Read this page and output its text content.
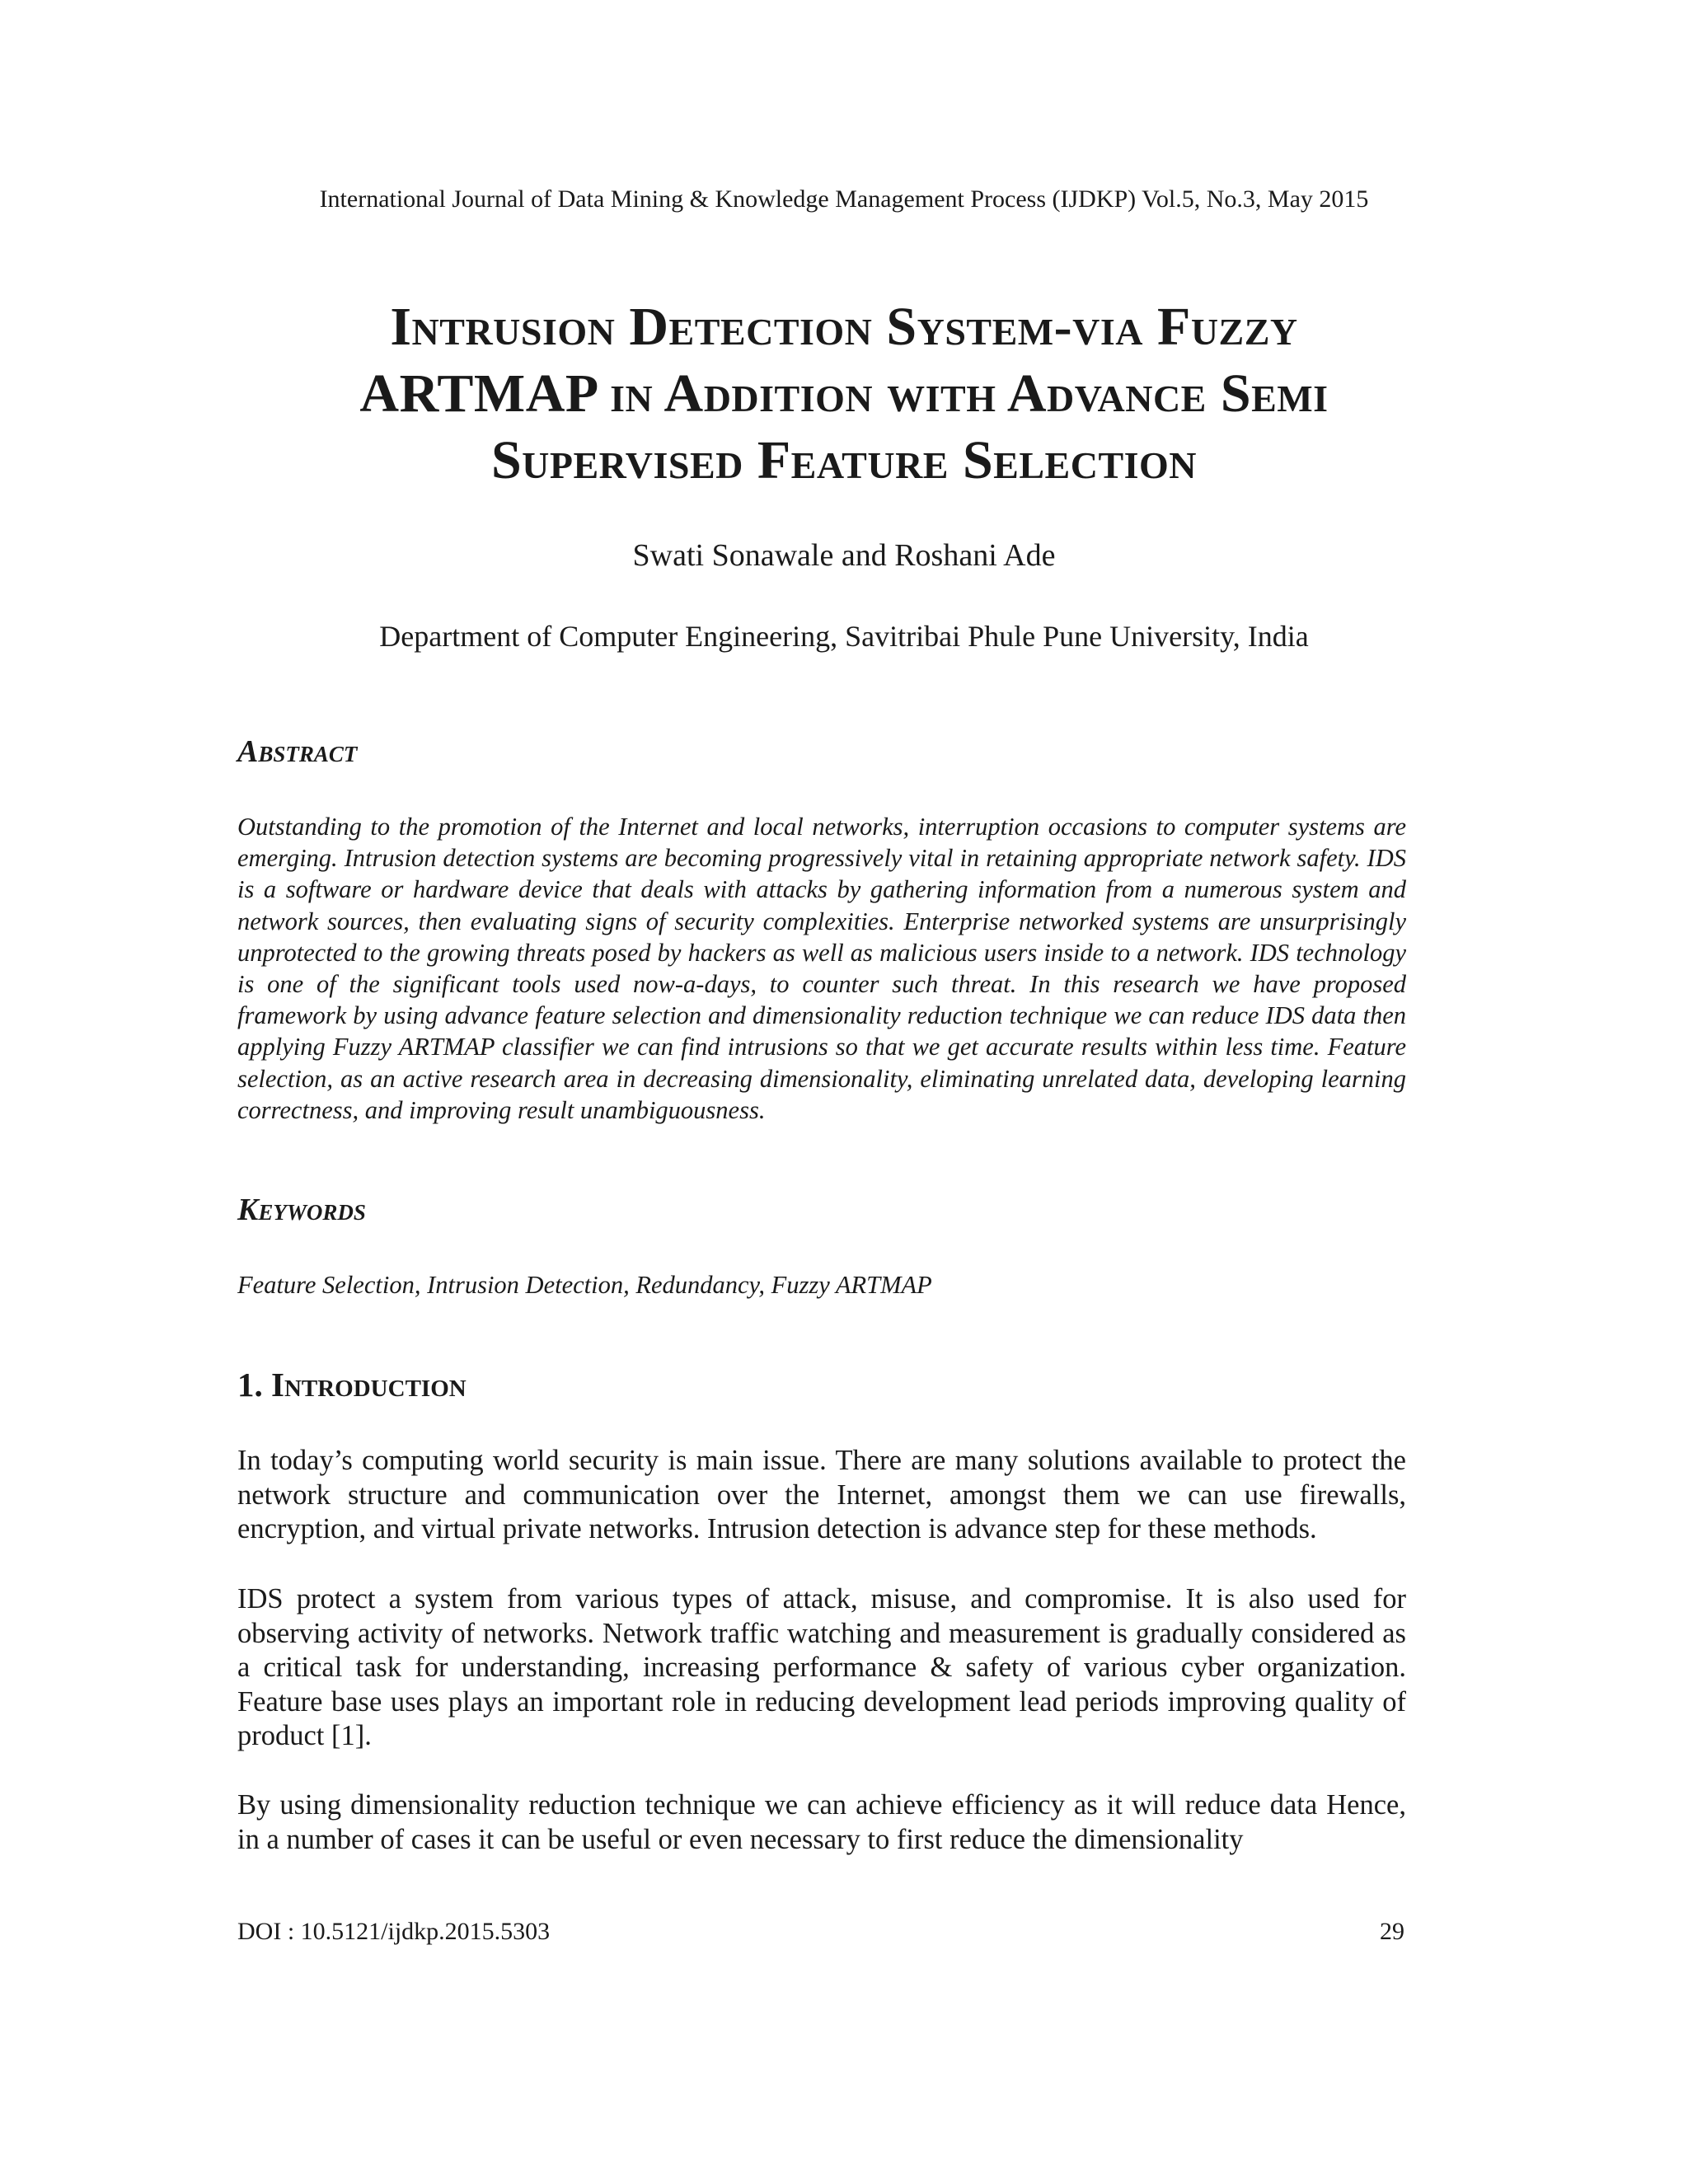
International Journal of Data Mining & Knowledge Management Process (IJDKP) Vol.5, No.3, May 2015
Intrusion Detection System-via Fuzzy
ARTMAP in Addition with Advance Semi
Supervised Feature Selection
Swati Sonawale and Roshani Ade
Department of Computer Engineering, Savitribai Phule Pune University, India
Abstract
Outstanding to the promotion of the Internet and local networks, interruption occasions to computer systems are emerging. Intrusion detection systems are becoming progressively vital in retaining appropriate network safety. IDS is a software or hardware device that deals with attacks by gathering information from a numerous system and network sources, then evaluating signs of security complexities. Enterprise networked systems are unsurprisingly unprotected to the growing threats posed by hackers as well as malicious users inside to a network. IDS technology is one of the significant tools used now-a-days, to counter such threat. In this research we have proposed framework by using advance feature selection and dimensionality reduction technique we can reduce IDS data then applying Fuzzy ARTMAP classifier we can find intrusions so that we get accurate results within less time. Feature selection, as an active research area in decreasing dimensionality, eliminating unrelated data, developing learning correctness, and improving result unambiguousness.
Keywords
Feature Selection, Intrusion Detection, Redundancy, Fuzzy ARTMAP
1. Introduction

In today’s computing world security is main issue. There are many solutions available to protect the network structure and communication over the Internet, amongst them we can use firewalls, encryption, and virtual private networks. Intrusion detection is advance step for these methods.

IDS protect a system from various types of attack, misuse, and compromise. It is also used for observing activity of networks. Network traffic watching and measurement is gradually considered as a critical task for understanding, increasing performance & safety of various cyber organization. Feature base uses plays an important role in reducing development lead periods improving quality of product [1].

By using dimensionality reduction technique we can achieve efficiency as it will reduce data Hence, in a number of cases it can be useful or even necessary to first reduce the dimensionality

DOI : 10.5121/ijdkp.2015.5303	29
